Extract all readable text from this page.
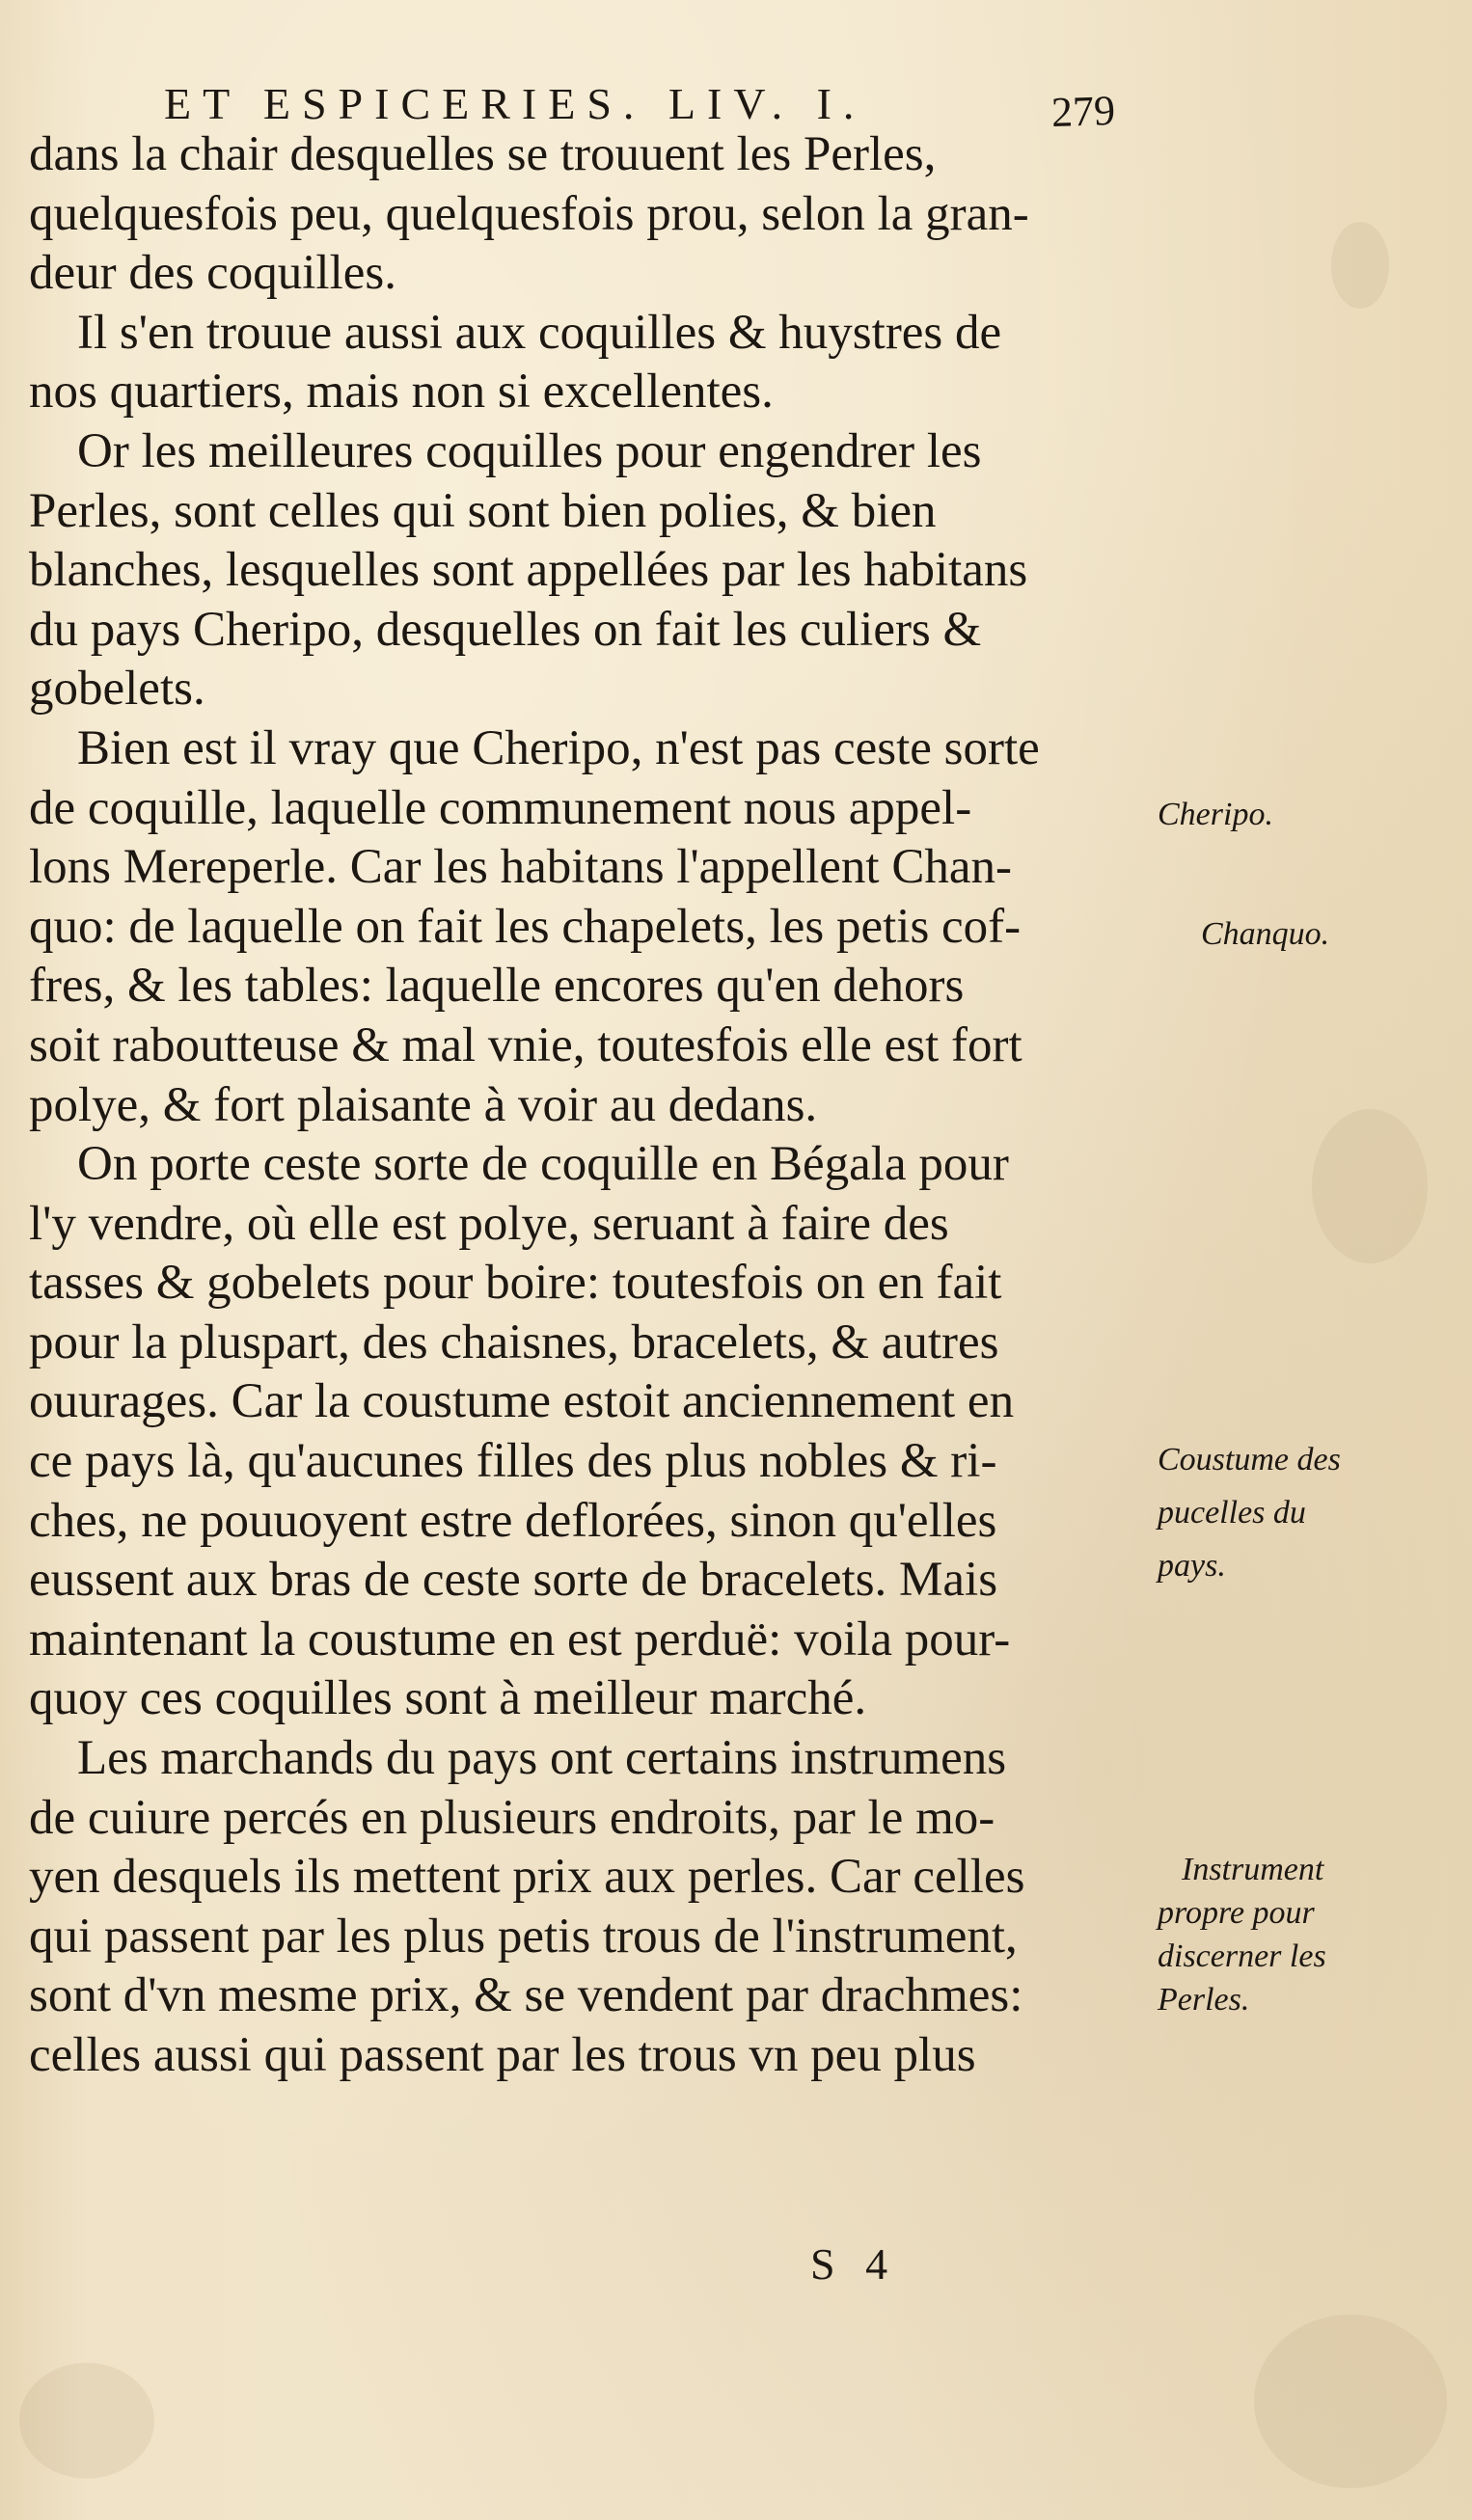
ET ESPICERIES. LIV. I.	279
dans la chair desquelles se trouuent les Perles,
quelquesfois peu, quelquesfois prou, selon la gran-
deur des coquilles.
Il s'en trouue aussi aux coquilles & huystres de
nos quartiers, mais non si excellentes.
Or les meilleures coquilles pour engendrer les
Perles, sont celles qui sont bien polies, & bien
blanches, lesquelles sont appellées par les habitans
du pays Cheripo, desquelles on fait les culiers &
gobelets.
Bien est il vray que Cheripo, n'est pas ceste sorte
de coquille, laquelle communement nous appel-
lons Mereperle. Car les habitans l'appellent Chan-
quo: de laquelle on fait les chapelets, les petis cof-
fres, & les tables: laquelle encores qu'en dehors
soit raboutteuse & mal vnie, toutesfois elle est fort
polye, & fort plaisante à voir au dedans.
On porte ceste sorte de coquille en Bégala pour
l'y vendre, où elle est polye, seruant à faire des
tasses & gobelets pour boire: toutesfois on en fait
pour la pluspart, des chaisnes, bracelets, & autres
ouurages. Car la coustume estoit anciennement en
ce pays là, qu'aucunes filles des plus nobles & ri-
ches, ne pouuoyent estre deflorées, sinon qu'elles
eussent aux bras de ceste sorte de bracelets. Mais
maintenant la coustume en est perduë: voila pour-
quoy ces coquilles sont à meilleur marché.
Les marchands du pays ont certains instrumens
de cuiure percés en plusieurs endroits, par le mo-
yen desquels ils mettent prix aux perles. Car celles
qui passent par les plus petis trous de l'instrument,
sont d'vn mesme prix, & se vendent par drachmes:
celles aussi qui passent par les trous vn peu plus
Cheripo.
Chanquo.
Coustume des
pucelles du
pays.
Instrument
propre pour
discerner les
Perles.
S 4
